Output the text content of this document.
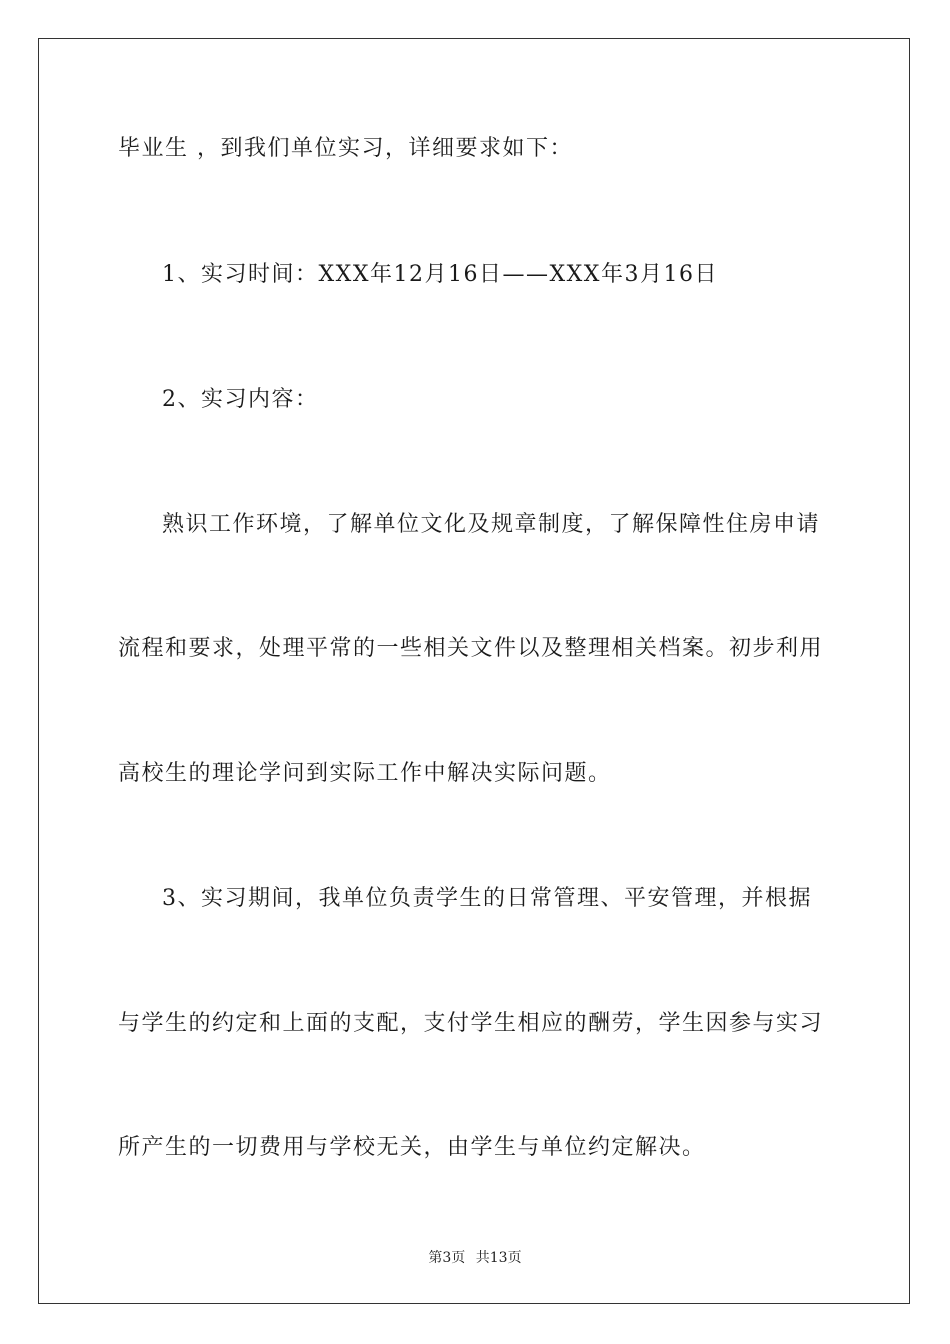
毕业生 ，到我们单位实习，详细要求如下：
1、实习时间：XXX年12月16日——XXX年3月16日
2、实习内容：
熟识工作环境，了解单位文化及规章制度，了解保障性住房申请
流程和要求，处理平常的一些相关文件以及整理相关档案。初步利用
高校生的理论学问到实际工作中解决实际问题。
3、实习期间，我单位负责学生的日常管理、平安管理，并根据
与学生的约定和上面的支配，支付学生相应的酬劳，学生因参与实习
所产生的一切费用与学校无关，由学生与单位约定解决。
第3页 共13页
